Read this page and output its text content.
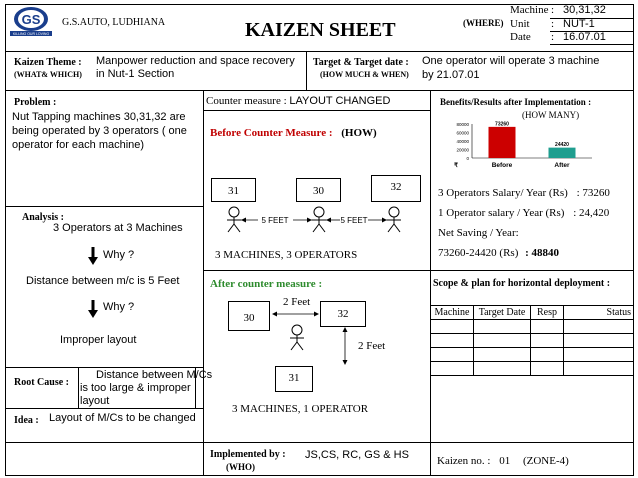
GS
KILLING OUR LOVING
G.S.AUTO, LUDHIANA	KAIZEN SHEET	(WHERE)
Machine : 30,31,32
Unit : NUT-1
Date : 16.07.01
Kaizen Theme :
(WHAT& WHICH)
Manpower reduction and space recovery
in Nut-1 Section
Target & Target date :
(HOW MUCH & WHEN)
One operator will operate 3 machine
by 21.07.01
Problem :
Nut Tapping machines 30,31,32 are being operated by 3 operators ( one operator for each machine)
Analysis :
3 Operators at 3 Machines
Why ?
Distance between m/c is 5 Feet
Why ?
Improper layout
Root Cause :
Distance between M/Cs
is too large & improper
layout
Idea : Layout of M/Cs to be changed
Counter measure : LAYOUT CHANGED
Before Counter Measure : (HOW)
31	30	32
5 FEET	5 FEET
3 MACHINES, 3 OPERATORS
After counter measure :
30	32
31
2 Feet
2 Feet
3 MACHINES, 1 OPERATOR
Benefits/Results after Implementation :
(HOW MANY)
0
20000
40000
60000
80000	73260
Before
24420
After
₹
3 Operators Salary/ Year (Rs) : 73260
1 Operator salary / Year (Rs) : 24,420
Net Saving / Year:
73260-24420 (Rs) : 48840
Scope & plan for horizontal deployment :
Machine	Target Date	Resp	Status

Implemented by :
(WHO)
JS,CS, RC, GS & HS	Kaizen no. : 01 (ZONE-4)
